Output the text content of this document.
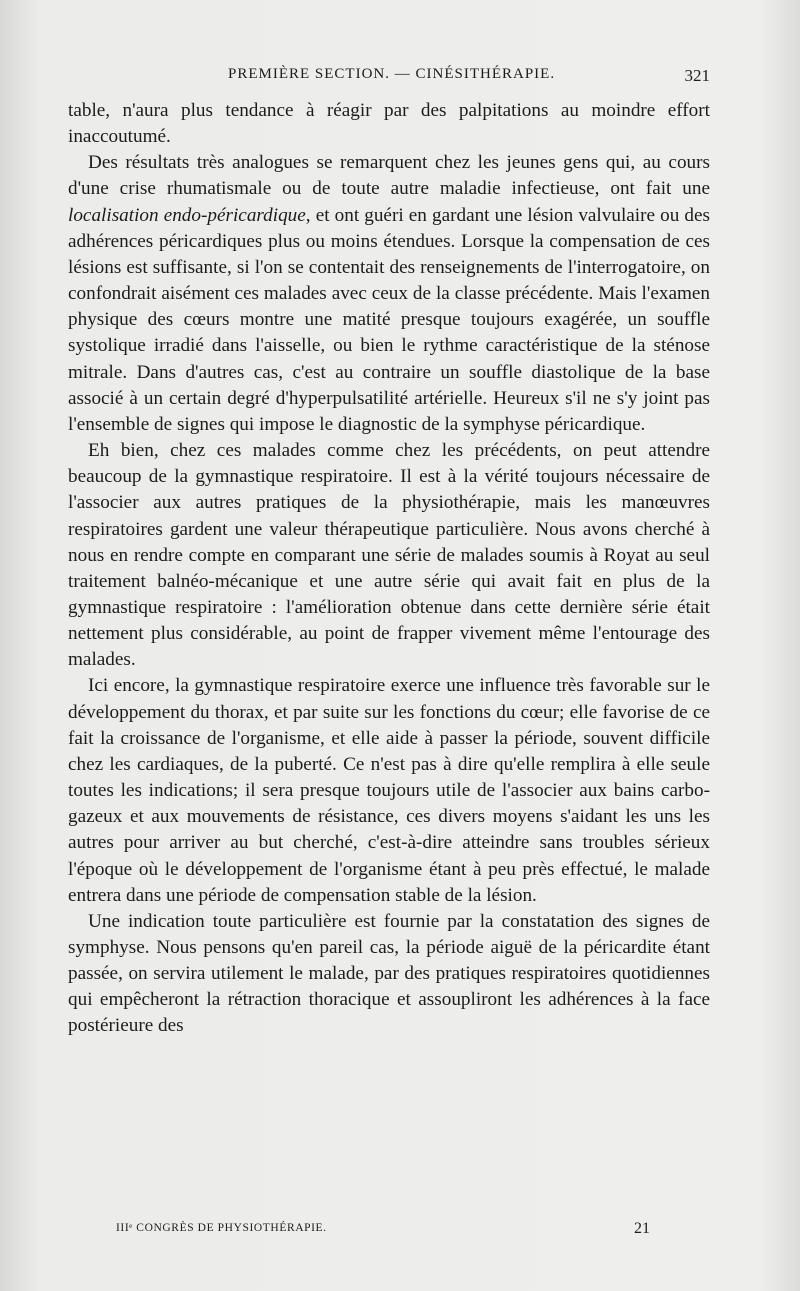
PREMIÈRE SECTION. — CINÉSITHÉRAPIE.	321

table, n'aura plus tendance à réagir par des palpitations au moindre effort inaccoutumé.

Des résultats très analogues se remarquent chez les jeunes gens qui, au cours d'une crise rhumatismale ou de toute autre maladie infectieuse, ont fait une localisation endo-péricardique, et ont guéri en gardant une lésion valvulaire ou des adhérences péricardiques plus ou moins étendues. Lorsque la compensation de ces lésions est suffisante, si l'on se contentait des renseignements de l'interrogatoire, on confondrait aisément ces malades avec ceux de la classe précédente. Mais l'examen physique des cœurs montre une matité presque toujours exagérée, un souffle systolique irradié dans l'aisselle, ou bien le rythme caractéristique de la sténose mitrale. Dans d'autres cas, c'est au contraire un souffle diastolique de la base associé à un certain degré d'hyperpulsatilité artérielle. Heureux s'il ne s'y joint pas l'ensemble de signes qui impose le diagnostic de la symphyse péricardique.

Eh bien, chez ces malades comme chez les précédents, on peut attendre beaucoup de la gymnastique respiratoire. Il est à la vérité toujours nécessaire de l'associer aux autres pratiques de la physiothérapie, mais les manœuvres respiratoires gardent une valeur thérapeutique particulière. Nous avons cherché à nous en rendre compte en comparant une série de malades soumis à Royat au seul traitement balnéo-mécanique et une autre série qui avait fait en plus de la gymnastique respiratoire : l'amélioration obtenue dans cette dernière série était nettement plus considérable, au point de frapper vivement même l'entourage des malades.

Ici encore, la gymnastique respiratoire exerce une influence très favorable sur le développement du thorax, et par suite sur les fonctions du cœur; elle favorise de ce fait la croissance de l'organisme, et elle aide à passer la période, souvent difficile chez les cardiaques, de la puberté. Ce n'est pas à dire qu'elle remplira à elle seule toutes les indications; il sera presque toujours utile de l'associer aux bains carbo-gazeux et aux mouvements de résistance, ces divers moyens s'aidant les uns les autres pour arriver au but cherché, c'est-à-dire atteindre sans troubles sérieux l'époque où le développement de l'organisme étant à peu près effectué, le malade entrera dans une période de compensation stable de la lésion.

Une indication toute particulière est fournie par la constatation des signes de symphyse. Nous pensons qu'en pareil cas, la période aiguë de la péricardite étant passée, on servira utilement le malade, par des pratiques respiratoires quotidiennes qui empêcheront la rétraction thoracique et assoupliront les adhérences à la face postérieure des

IIIᵉ CONGRÈS DE PHYSIOTHÉRAPIE.	21
